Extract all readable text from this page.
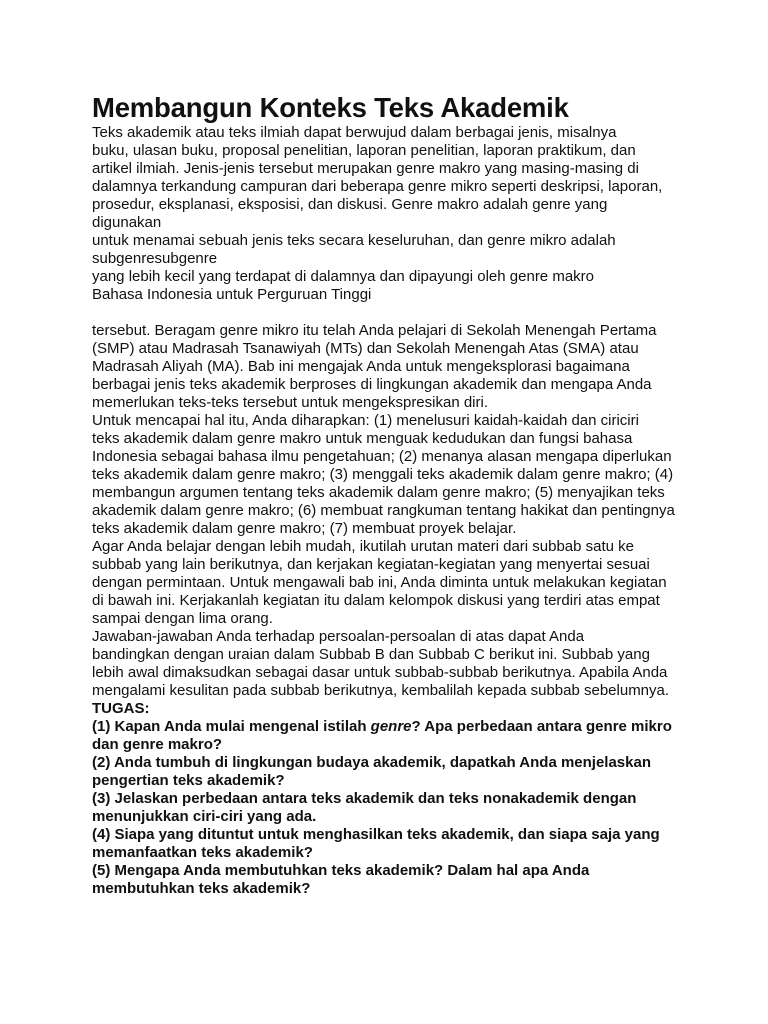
Membangun Konteks Teks Akademik
Teks akademik atau teks ilmiah dapat berwujud dalam berbagai jenis, misalnya
buku, ulasan buku, proposal penelitian, laporan penelitian, laporan praktikum, dan
artikel ilmiah. Jenis-jenis tersebut merupakan genre makro yang masing-masing di
dalamnya terkandung campuran dari beberapa genre mikro seperti deskripsi, laporan,
prosedur, eksplanasi, eksposisi, dan diskusi. Genre makro adalah genre yang
digunakan
untuk menamai sebuah jenis teks secara keseluruhan, dan genre mikro adalah
subgenresubgenre
yang lebih kecil yang terdapat di dalamnya dan dipayungi oleh genre makro
Bahasa Indonesia untuk Perguruan Tinggi
tersebut. Beragam genre mikro itu telah Anda pelajari di Sekolah Menengah Pertama
(SMP) atau Madrasah Tsanawiyah (MTs) dan Sekolah Menengah Atas (SMA) atau
Madrasah Aliyah (MA). Bab ini mengajak Anda untuk mengeksplorasi bagaimana
berbagai jenis teks akademik berproses di lingkungan akademik dan mengapa Anda
memerlukan teks-teks tersebut untuk mengekspresikan diri.
Untuk mencapai hal itu, Anda diharapkan: (1) menelusuri kaidah-kaidah dan ciriciri
teks akademik dalam genre makro untuk menguak kedudukan dan fungsi bahasa
Indonesia sebagai bahasa ilmu pengetahuan; (2) menanya alasan mengapa diperlukan
teks akademik dalam genre makro; (3) menggali teks akademik dalam genre makro; (4)
membangun argumen tentang teks akademik dalam genre makro; (5) menyajikan teks
akademik dalam genre makro; (6) membuat rangkuman tentang hakikat dan pentingnya
teks akademik dalam genre makro; (7) membuat proyek belajar.
Agar Anda belajar dengan lebih mudah, ikutilah urutan materi dari subbab satu ke
subbab yang lain berikutnya, dan kerjakan kegiatan-kegiatan yang menyertai sesuai
dengan permintaan. Untuk mengawali bab ini, Anda diminta untuk melakukan kegiatan
di bawah ini. Kerjakanlah kegiatan itu dalam kelompok diskusi yang terdiri atas empat
sampai dengan lima orang.
Jawaban-jawaban Anda terhadap persoalan-persoalan di atas dapat Anda
bandingkan dengan uraian dalam Subbab B dan Subbab C berikut ini. Subbab yang
lebih awal dimaksudkan sebagai dasar untuk subbab-subbab berikutnya. Apabila Anda
mengalami kesulitan pada subbab berikutnya, kembalilah kepada subbab sebelumnya.
TUGAS:
(1) Kapan Anda mulai mengenal istilah genre? Apa perbedaan antara genre mikro
dan genre makro?
(2) Anda tumbuh di lingkungan budaya akademik, dapatkah Anda menjelaskan
pengertian teks akademik?
(3) Jelaskan perbedaan antara teks akademik dan teks nonakademik dengan
menunjukkan ciri-ciri yang ada.
(4) Siapa yang dituntut untuk menghasilkan teks akademik, dan siapa saja yang
memanfaatkan teks akademik?
(5) Mengapa Anda membutuhkan teks akademik? Dalam hal apa Anda
membutuhkan teks akademik?
